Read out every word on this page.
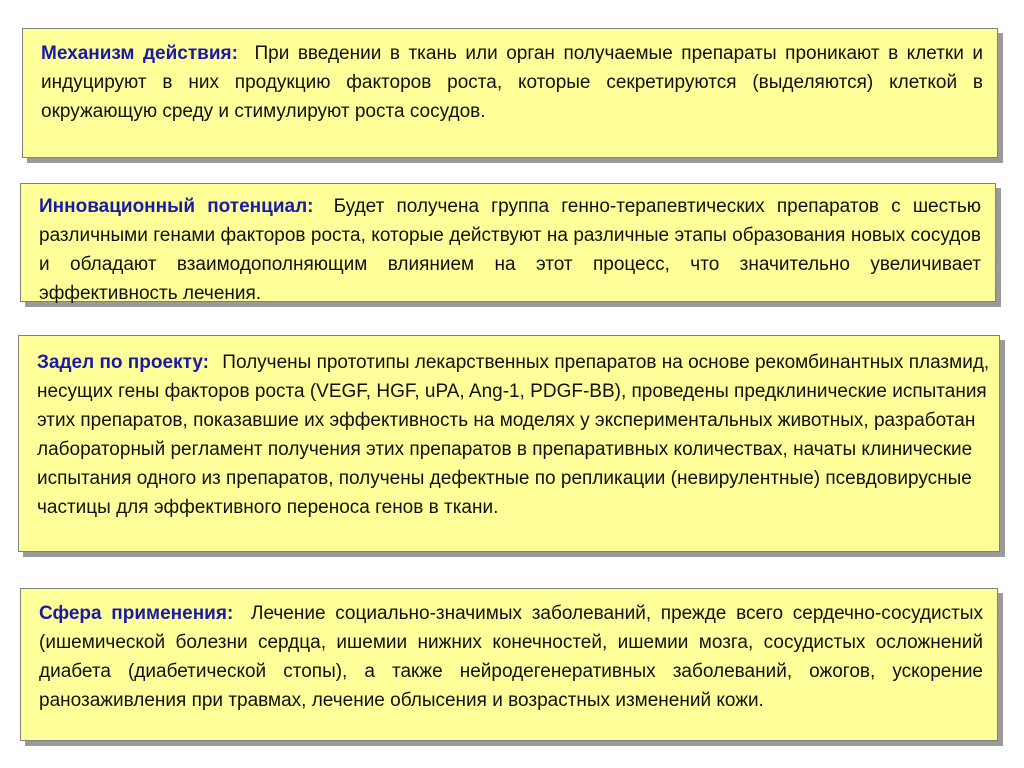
Механизм действия: При введении в ткань или орган получаемые препараты проникают в клетки и индуцируют в них продукцию факторов роста, которые секретируются (выделяются) клеткой в окружающую среду и стимулируют роста сосудов.
Инновационный потенциал: Будет получена группа генно-терапевтических препаратов с шестью различными генами факторов роста, которые действуют на различные этапы образования новых сосудов и обладают взаимодополняющим влиянием на этот процесс, что значительно увеличивает эффективность лечения.
Задел по проекту: Получены прототипы лекарственных препаратов на основе рекомбинантных плазмид, несущих гены факторов роста (VEGF, HGF, uPA, Ang-1, PDGF-BB), проведены предклинические испытания этих препаратов, показавшие их эффективность на моделях у экспериментальных животных, разработан лабораторный регламент получения этих препаратов в препаративных количествах, начаты клинические испытания одного из препаратов, получены дефектные по репликации (невирулентные) псевдовирусные частицы для эффективного переноса генов в ткани.
Сфера применения: Лечение социально-значимых заболеваний, прежде всего сердечно-сосудистых (ишемической болезни сердца, ишемии нижних конечностей, ишемии мозга, сосудистых осложнений диабета (диабетической стопы), а также нейродегенеративных заболеваний, ожогов, ускорение ранозаживления при травмах, лечение облысения и возрастных изменений кожи.
